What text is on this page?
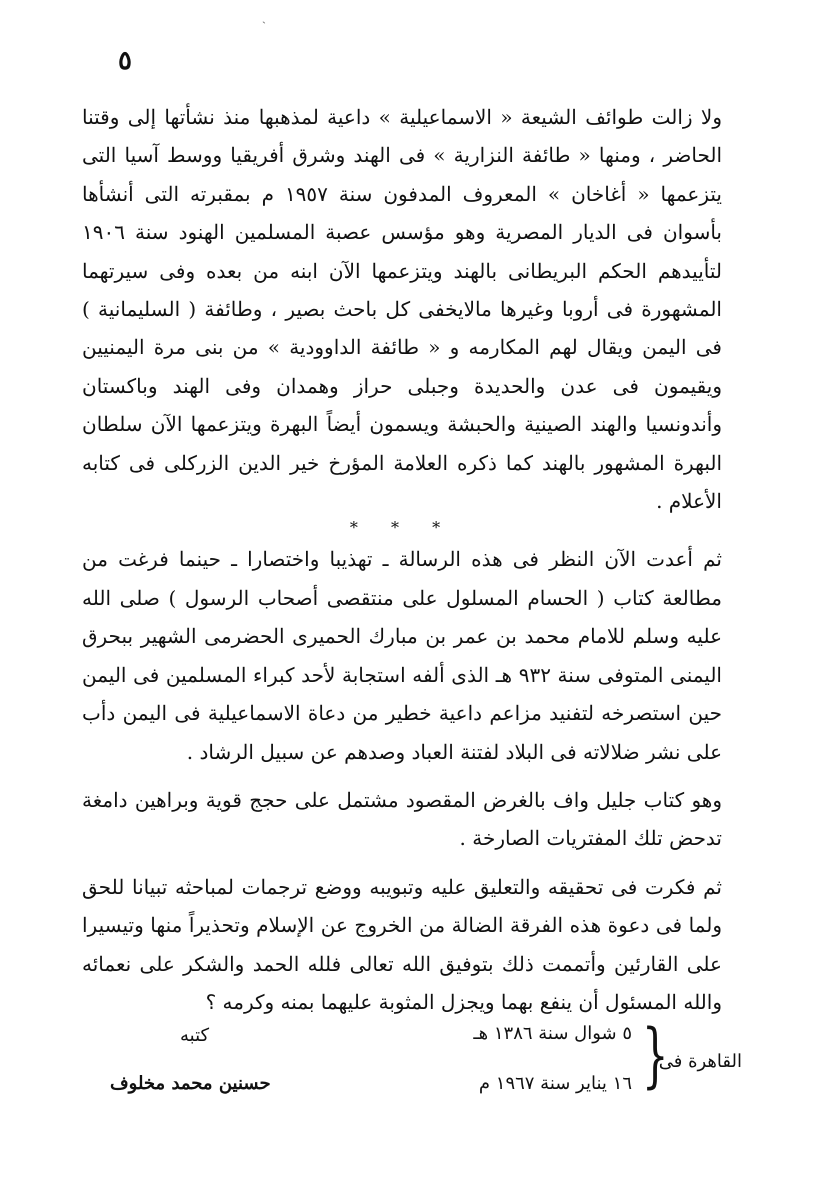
ˎ
٥

ولا زالت طوائف الشيعة « الاسماعيلية » داعية لمذهبها منذ نشأتها إلى وقتنا الحاضر ، ومنها « طائفة النزارية » فى الهند وشرق أفريقيا ووسط آسيا التى يتزعمها « أغاخان » المعروف المدفون سنة ١٩٥٧ م بمقبرته التى أنشأها بأسوان فى الديار المصرية وهو مؤسس عصبة المسلمين الهنود سنة ١٩٠٦ لتأييدهم الحكم البريطانى بالهند ويتزعمها الآن ابنه من بعده وفى سيرتهما المشهورة فى أروبا وغيرها مالايخفى كل باحث بصير ، وطائفة ( السليمانية ) فى اليمن ويقال لهم المكارمه و « طائفة الداوودية » من بنى مرة اليمنيين ويقيمون فى عدن والحديدة وجبلى حراز وهمدان وفى الهند وباكستان وأندونسيا والهند الصينية والحبشة ويسمون أيضاً البهرة ويتزعمها الآن سلطان البهرة المشهور بالهند كما ذكره العلامة المؤرخ خير الدين الزركلى فى كتابه الأعلام .

* * *

ثم أعدت الآن النظر فى هذه الرسالة ـ تهذيبا واختصارا ـ حينما فرغت من مطالعة كتاب ( الحسام المسلول على منتقصى أصحاب الرسول ) صلى الله عليه وسلم للامام محمد بن عمر بن مبارك الحميرى الحضرمى الشهير ببحرق اليمنى المتوفى سنة ٩٣٢ هـ الذى ألفه استجابة لأحد كبراء المسلمين فى اليمن حين استصرخه لتفنيد مزاعم داعية خطير من دعاة الاسماعيلية فى اليمن دأب على نشر ضلالاته فى البلاد لفتنة العباد وصدهم عن سبيل الرشاد .

وهو كتاب جليل واف بالغرض المقصود مشتمل على حجج قوية وبراهين دامغة تدحض تلك المفتريات الصارخة .

ثم فكرت فى تحقيقه والتعليق عليه وتبويبه ووضع ترجمات لمباحثه تبيانا للحق ولما فى دعوة هذه الفرقة الضالة من الخروج عن الإسلام وتحذيراً منها وتيسيرا على القارئين وأتممت ذلك بتوفيق الله تعالى فلله الحمد والشكر على نعمائه والله المسئول أن ينفع بهما ويجزل المثوبة عليهما بمنه وكرمه ؟

القاهرة فى
{
٥ شوال سنة ١٣٨٦ هـ
١٦ يناير سنة ١٩٦٧ م
كتبه
حسنين محمد مخلوف
